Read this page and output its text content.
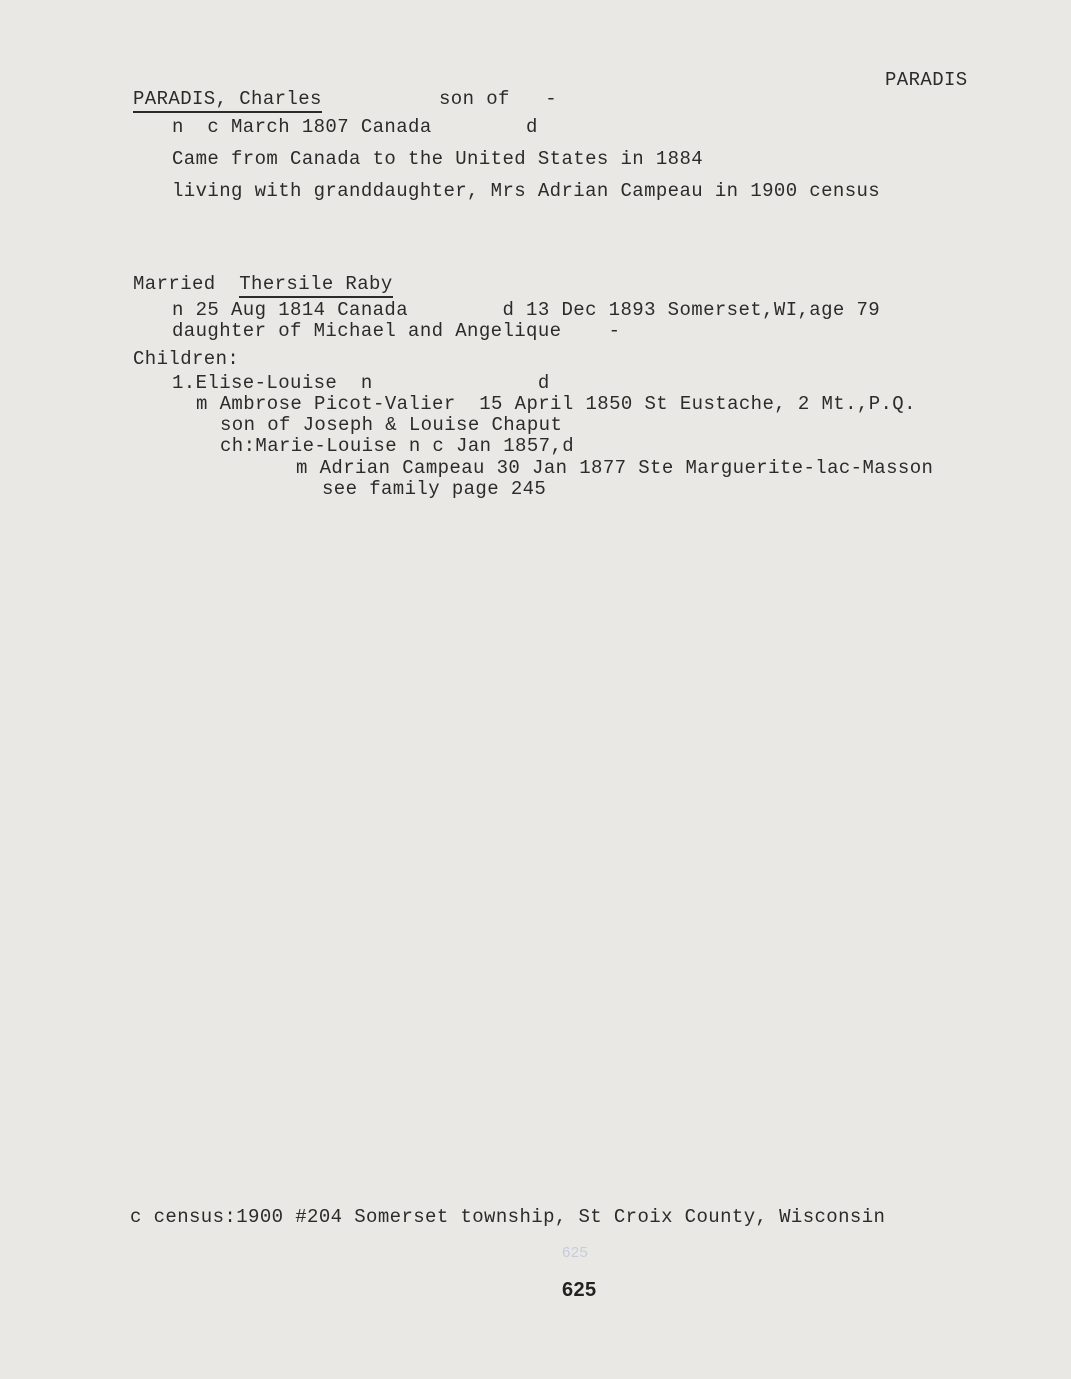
PARADIS
PARADIS, Charles	son of   -
n  c March 1807 Canada        d
Came from Canada to the United States in 1884
living with granddaughter, Mrs Adrian Campeau in 1900 census
Married  Thersile Raby
n 25 Aug 1814 Canada        d 13 Dec 1893 Somerset,WI,age 79
daughter of Michael and Angelique    -
Children:
1.Elise-Louise  n              d
m Ambrose Picot-Valier  15 April 1850 St Eustache, 2 Mt.,P.Q.
son of Joseph & Louise Chaput
ch:Marie-Louise n c Jan 1857,d
m Adrian Campeau 30 Jan 1877 Ste Marguerite-lac-Masson
see family page 245
c census:1900 #204 Somerset township, St Croix County, Wisconsin
625
625
